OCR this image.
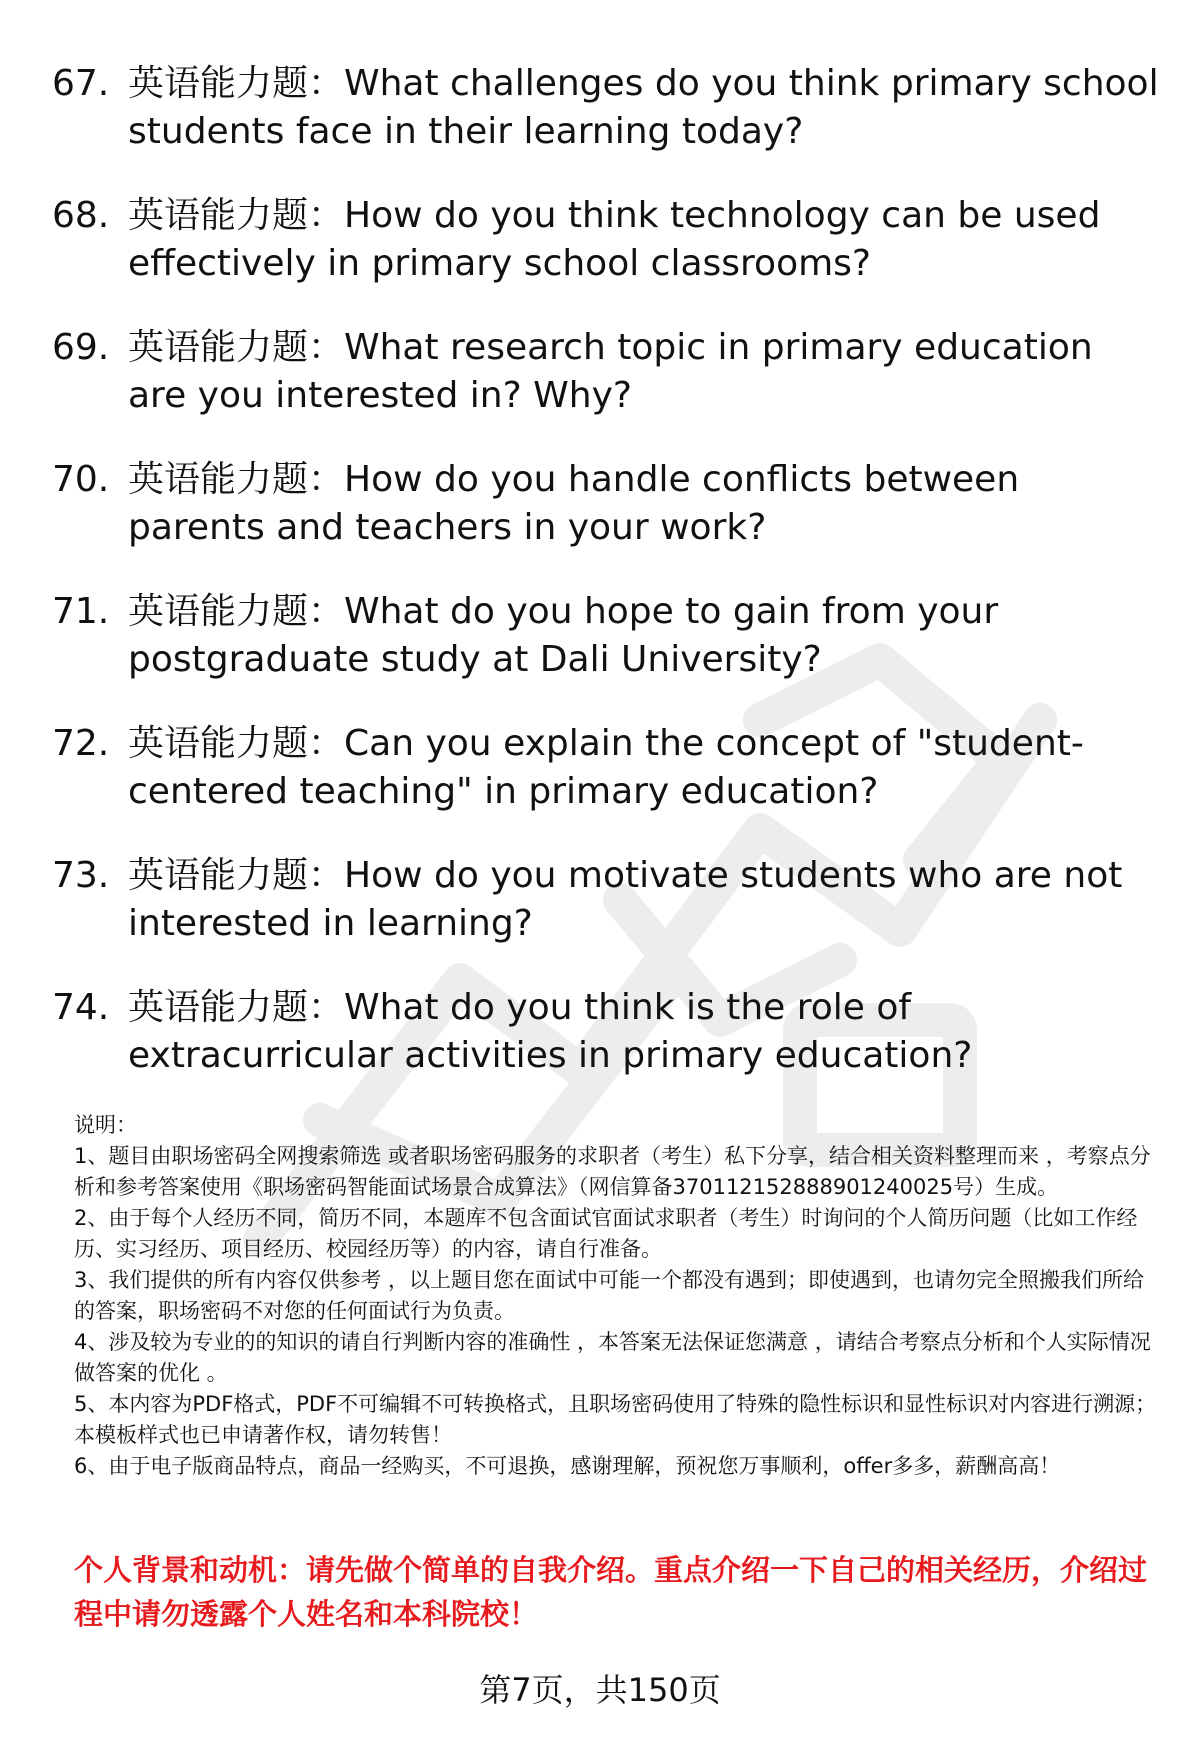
67. 英语能力题：What challenges do you think primary school students face in their learning today?
68. 英语能力题：How do you think technology can be used effectively in primary school classrooms?
69. 英语能力题：What research topic in primary education are you interested in? Why?
70. 英语能力题：How do you handle conflicts between parents and teachers in your work?
71. 英语能力题：What do you hope to gain from your postgraduate study at Dali University?
72. 英语能力题：Can you explain the concept of "student-centered teaching" in primary education?
73. 英语能力题：How do you motivate students who are not interested in learning?
74. 英语能力题：What do you think is the role of extracurricular activities in primary education?

说明：

1、题目由职场密码全网搜索筛选 或者职场密码服务的求职者（考生）私下分享，结合相关资料整理而来 ，考察点分析和参考答案使用《职场密码智能面试场景合成算法》（网信算备370112152888901240025号）生成。

2、由于每个人经历不同，简历不同，本题库不包含面试官面试求职者（考生）时询问的个人简历问题（比如工作经历、实习经历、项目经历、校园经历等）的内容，请自行准备。

3、我们提供的所有内容仅供参考 ，以上题目您在面试中可能一个都没有遇到；即使遇到，也请勿完全照搬我们所给的答案，职场密码不对您的任何面试行为负责。

4、涉及较为专业的的知识的请自行判断内容的准确性 ，本答案无法保证您满意 ，请结合考察点分析和个人实际情况做答案的优化 。

5、本内容为PDF格式，PDF不可编辑不可转换格式，且职场密码使用了特殊的隐性标识和显性标识对内容进行溯源；本模板样式也已申请著作权，请勿转售！

6、由于电子版商品特点，商品一经购买，不可退换，感谢理解，预祝您万事顺利，offer多多，薪酬高高！

个人背景和动机：请先做个简单的自我介绍。重点介绍一下自己的相关经历，介绍过程中请勿透露个人姓名和本科院校！

第7页，共150页
